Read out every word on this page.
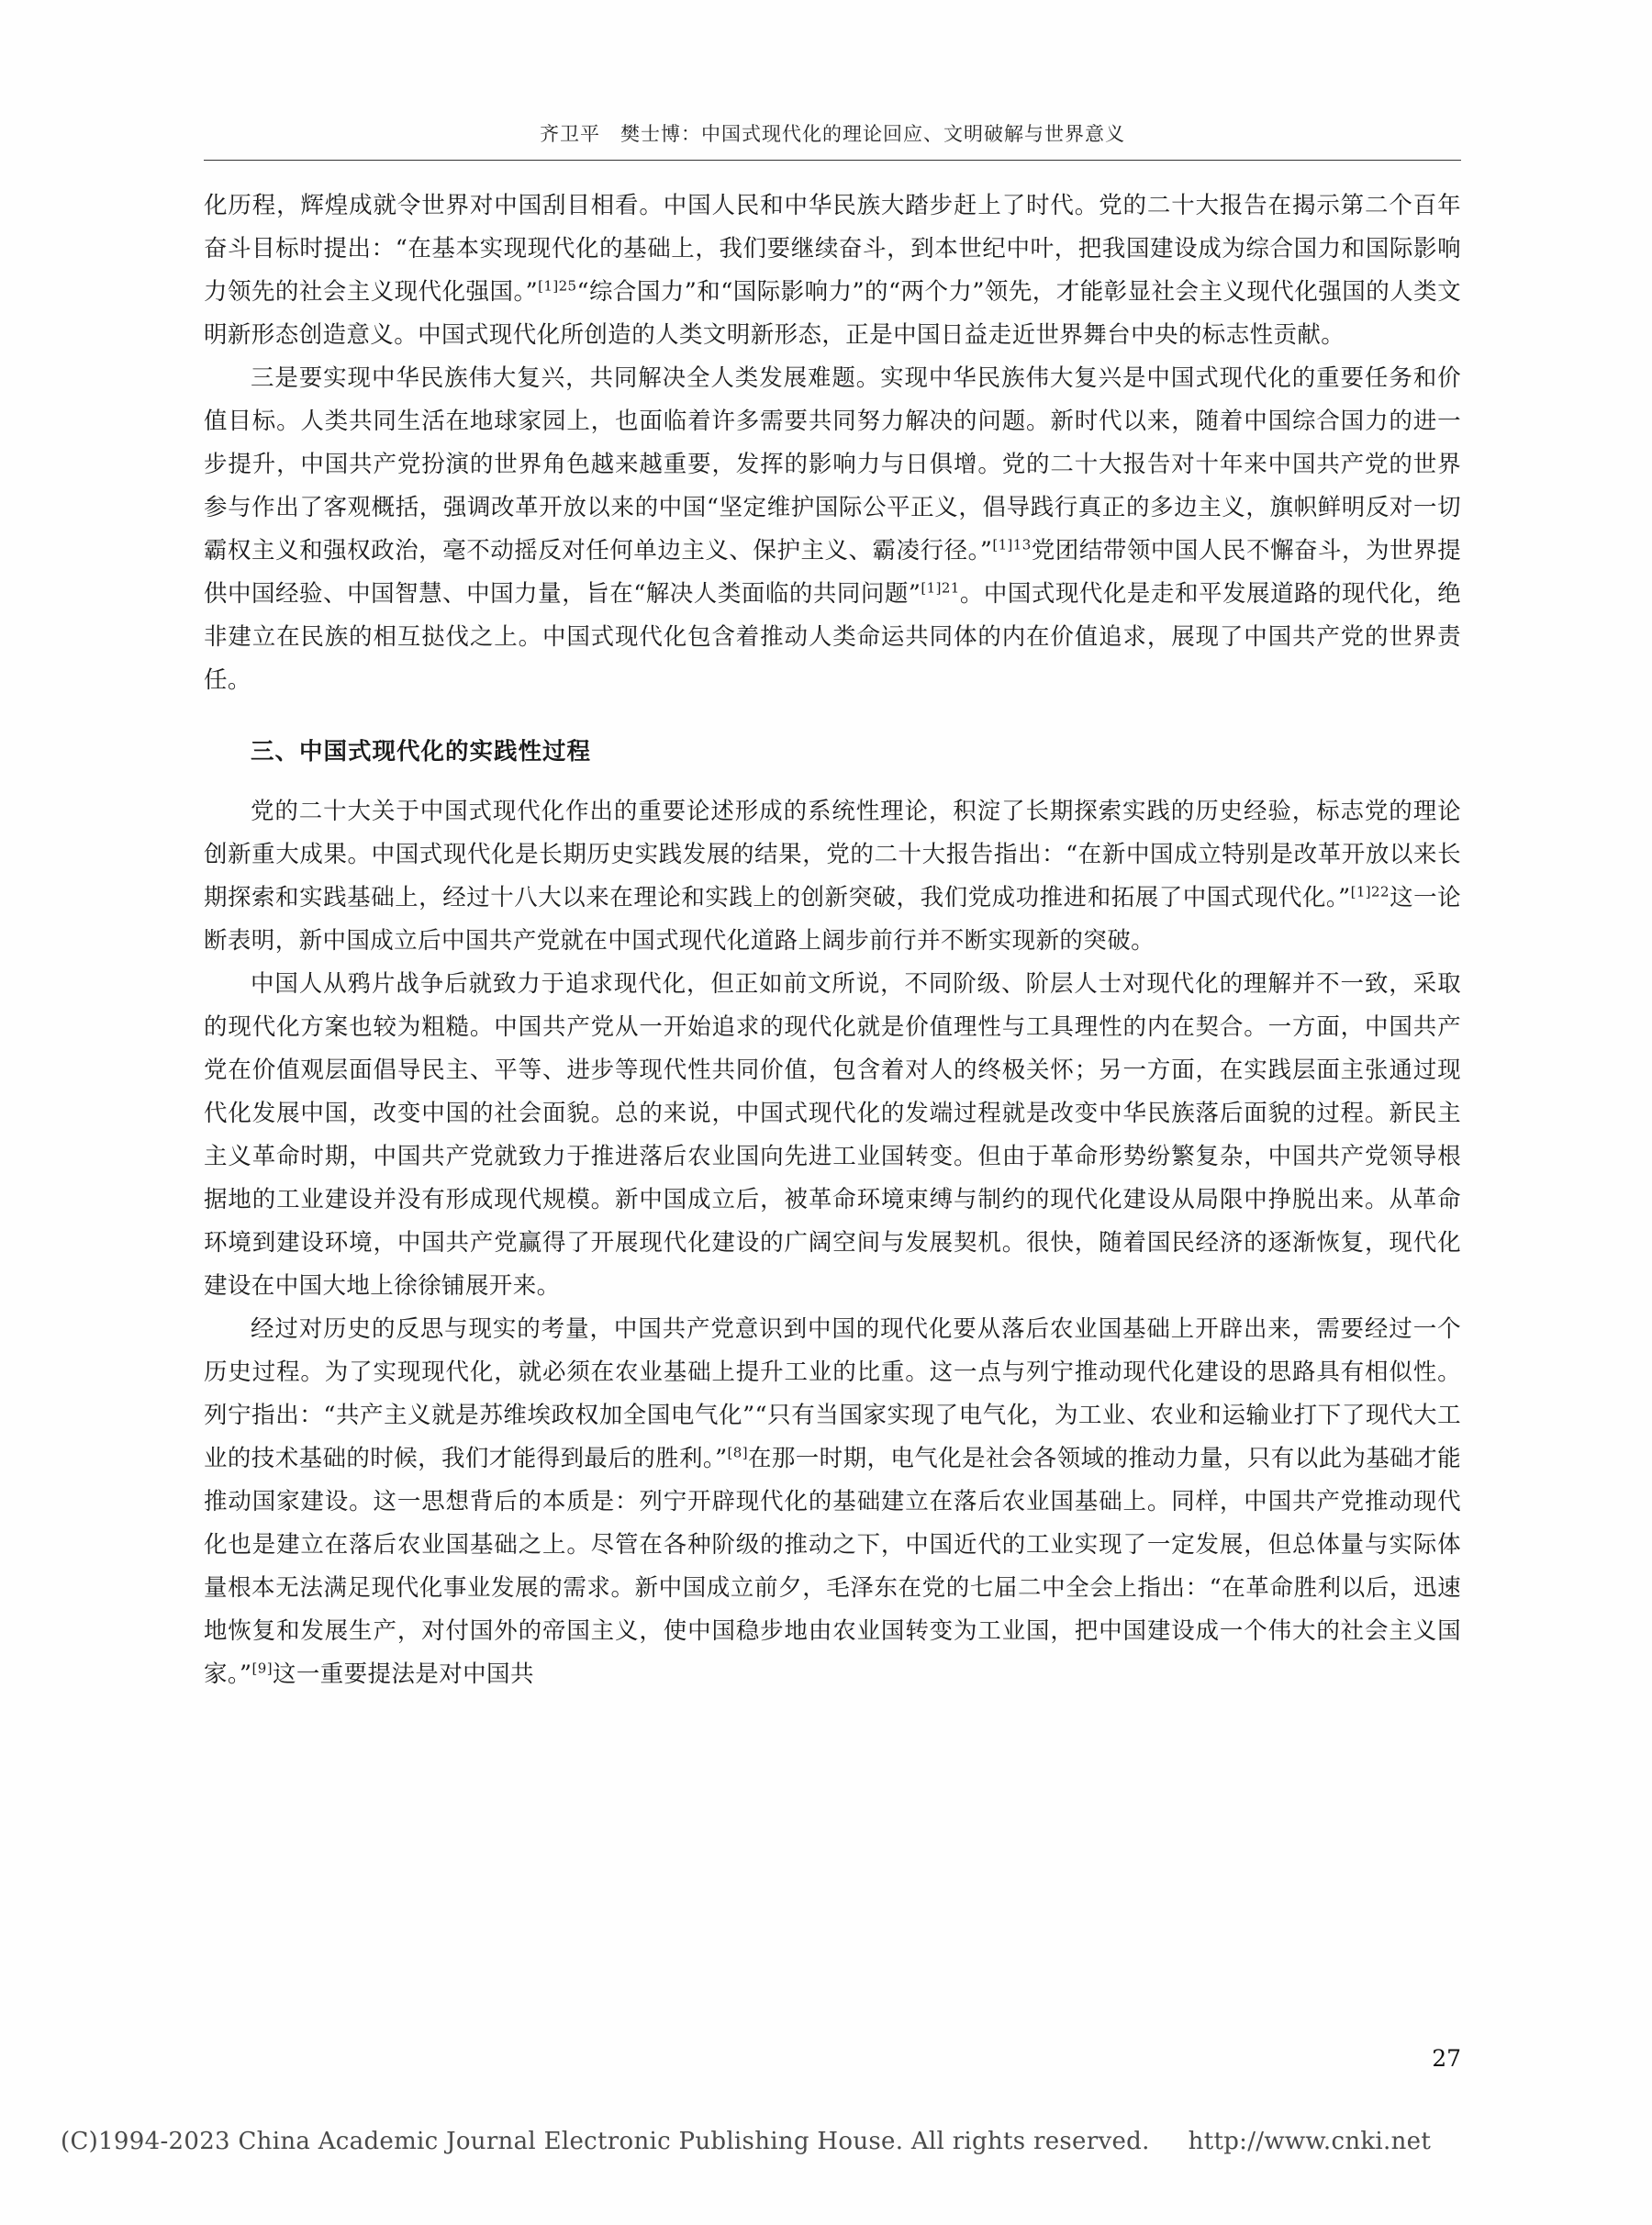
齐卫平　樊士博：中国式现代化的理论回应、文明破解与世界意义

化历程，辉煌成就令世界对中国刮目相看。中国人民和中华民族大踏步赶上了时代。党的二十大报告在揭示第二个百年奋斗目标时提出：“在基本实现现代化的基础上，我们要继续奋斗，到本世纪中叶，把我国建设成为综合国力和国际影响力领先的社会主义现代化强国。”$^{[1]25}$“综合国力”和“国际影响力”的“两个力”领先，才能彰显社会主义现代化强国的人类文明新形态创造意义。中国式现代化所创造的人类文明新形态，正是中国日益走近世界舞台中央的标志性贡献。

三是要实现中华民族伟大复兴，共同解决全人类发展难题。实现中华民族伟大复兴是中国式现代化的重要任务和价值目标。人类共同生活在地球家园上，也面临着许多需要共同努力解决的问题。新时代以来，随着中国综合国力的进一步提升，中国共产党扮演的世界角色越来越重要，发挥的影响力与日俱增。党的二十大报告对十年来中国共产党的世界参与作出了客观概括，强调改革开放以来的中国“坚定维护国际公平正义，倡导践行真正的多边主义，旗帜鲜明反对一切霸权主义和强权政治，毫不动摇反对任何单边主义、保护主义、霸凌行径。”$^{[1]13}$党团结带领中国人民不懈奋斗，为世界提供中国经验、中国智慧、中国力量，旨在“解决人类面临的共同问题”$^{[1]21}$。中国式现代化是走和平发展道路的现代化，绝非建立在民族的相互挞伐之上。中国式现代化包含着推动人类命运共同体的内在价值追求，展现了中国共产党的世界责任。

三、中国式现代化的实践性过程

党的二十大关于中国式现代化作出的重要论述形成的系统性理论，积淀了长期探索实践的历史经验，标志党的理论创新重大成果。中国式现代化是长期历史实践发展的结果，党的二十大报告指出：“在新中国成立特别是改革开放以来长期探索和实践基础上，经过十八大以来在理论和实践上的创新突破，我们党成功推进和拓展了中国式现代化。”$^{[1]22}$这一论断表明，新中国成立后中国共产党就在中国式现代化道路上阔步前行并不断实现新的突破。

中国人从鸦片战争后就致力于追求现代化，但正如前文所说，不同阶级、阶层人士对现代化的理解并不一致，采取的现代化方案也较为粗糙。中国共产党从一开始追求的现代化就是价值理性与工具理性的内在契合。一方面，中国共产党在价值观层面倡导民主、平等、进步等现代性共同价值，包含着对人的终极关怀；另一方面，在实践层面主张通过现代化发展中国，改变中国的社会面貌。总的来说，中国式现代化的发端过程就是改变中华民族落后面貌的过程。新民主主义革命时期，中国共产党就致力于推进落后农业国向先进工业国转变。但由于革命形势纷繁复杂，中国共产党领导根据地的工业建设并没有形成现代规模。新中国成立后，被革命环境束缚与制约的现代化建设从局限中挣脱出来。从革命环境到建设环境，中国共产党赢得了开展现代化建设的广阔空间与发展契机。很快，随着国民经济的逐渐恢复，现代化建设在中国大地上徐徐铺展开来。

经过对历史的反思与现实的考量，中国共产党意识到中国的现代化要从落后农业国基础上开辟出来，需要经过一个历史过程。为了实现现代化，就必须在农业基础上提升工业的比重。这一点与列宁推动现代化建设的思路具有相似性。列宁指出：“共产主义就是苏维埃政权加全国电气化”“只有当国家实现了电气化，为工业、农业和运输业打下了现代大工业的技术基础的时候，我们才能得到最后的胜利。”[8]在那一时期，电气化是社会各领域的推动力量，只有以此为基础才能推动国家建设。这一思想背后的本质是：列宁开辟现代化的基础建立在落后农业国基础上。同样，中国共产党推动现代化也是建立在落后农业国基础之上。尽管在各种阶级的推动之下，中国近代的工业实现了一定发展，但总体量与实际体量根本无法满足现代化事业发展的需求。新中国成立前夕，毛泽东在党的七届二中全会上指出：“在革命胜利以后，迅速地恢复和发展生产，对付国外的帝国主义，使中国稳步地由农业国转变为工业国，把中国建设成一个伟大的社会主义国家。”[9]这一重要提法是对中国共

27
(C)1994-2023 China Academic Journal Electronic Publishing House. All rights reserved. http://www.cnki.net
